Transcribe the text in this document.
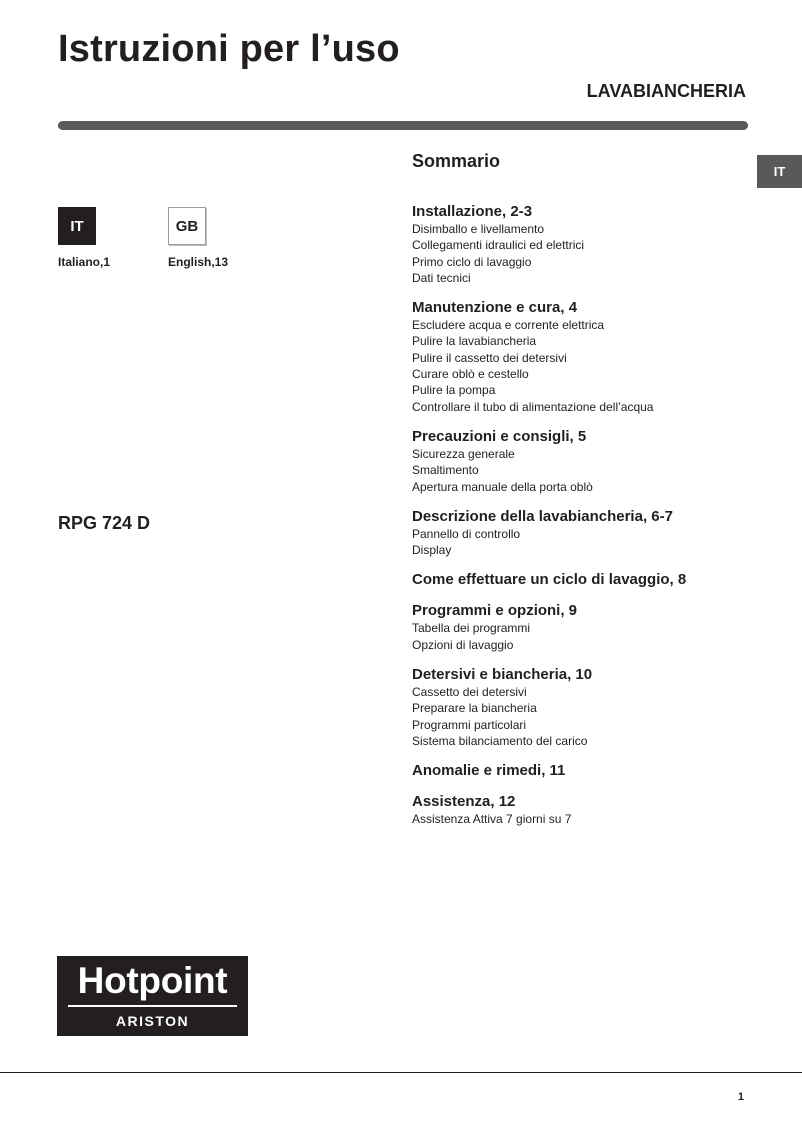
Istruzioni per l’uso
LAVABIANCHERIA
IT
IT
Italiano,1
GB
English,13
RPG 724 D
Sommario
Installazione, 2-3
Disimballo e livellamento
Collegamenti idraulici ed elettrici
Primo ciclo di lavaggio
Dati tecnici
Manutenzione e cura, 4
Escludere acqua e corrente elettrica
Pulire la lavabiancheria
Pulire il cassetto dei detersivi
Curare oblò e cestello
Pulire la pompa
Controllare il tubo di alimentazione dell’acqua
Precauzioni e consigli, 5
Sicurezza generale
Smaltimento
Apertura manuale della porta oblò
Descrizione della lavabiancheria, 6-7
Pannello di controllo
Display
Come effettuare un ciclo di lavaggio, 8
Programmi e opzioni, 9
Tabella dei programmi
Opzioni di lavaggio
Detersivi e biancheria, 10
Cassetto dei detersivi
Preparare la biancheria
Programmi particolari
Sistema bilanciamento del carico
Anomalie e rimedi, 11
Assistenza, 12
Assistenza Attiva 7 giorni su 7
Hotpoint
ARISTON
1
